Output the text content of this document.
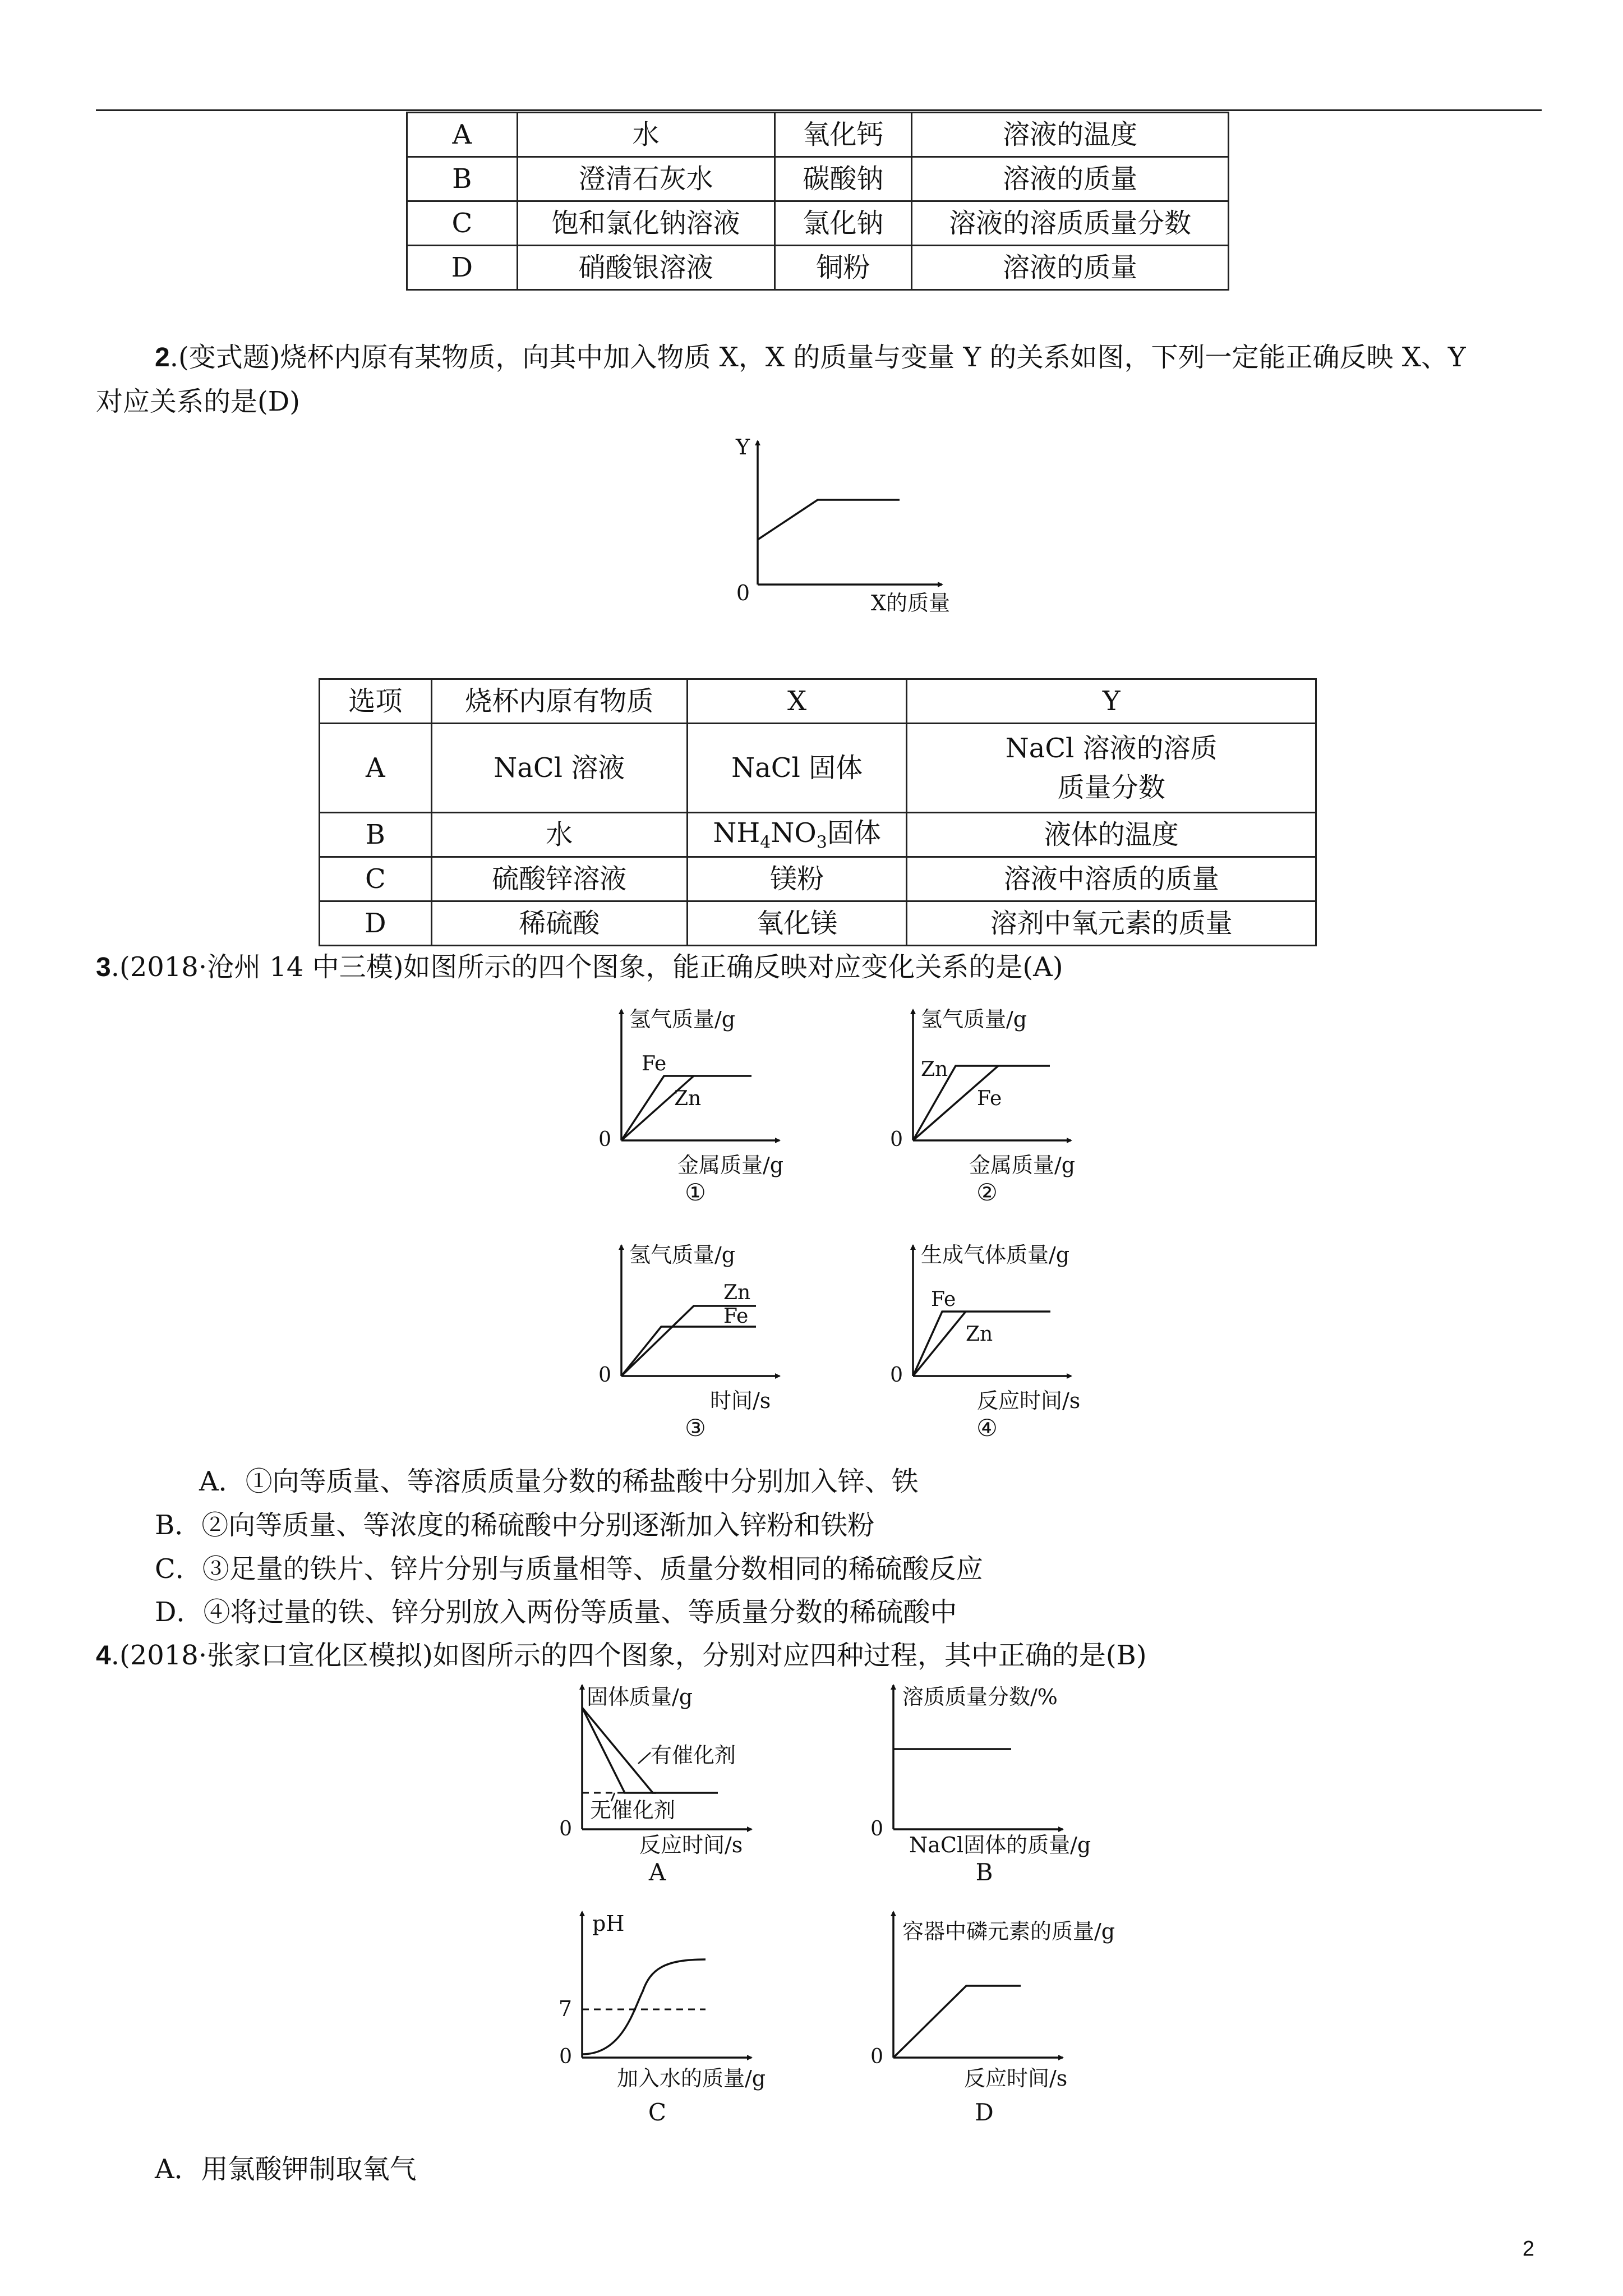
A	水	氧化钙	溶液的温度
B	澄清石灰水	碳酸钠	溶液的质量
C	饱和氯化钠溶液	氯化钠	溶液的溶质质量分数
D	硝酸银溶液	铜粉	溶液的质量
2.(变式题)烧杯内原有某物质，向其中加入物质 X，X 的质量与变量 Y 的关系如图，下列一定能正确反映 X、Y
对应关系的是(D)
Y
0	X的质量
选项	烧杯内原有物质	X	Y
A	NaCl 溶液	NaCl 固体	NaCl 溶液的溶质
质量分数

B	水	$NH_4NO_3$固体	液体的温度
C	硫酸锌溶液	镁粉	溶液中溶质的质量
D	稀硫酸	氧化镁	溶剂中氧元素的质量
3.(2018·沧州 14 中三模)如图所示的四个图象，能正确反映对应变化关系的是(A)
氢气质量/g
Fe
Zn
0
金属质量/g
①
氢气质量/g
Zn
Fe
0
金属质量/g
②
氢气质量/g
Zn
Fe
0
时间/s
③
生成气体质量/g
Fe
Zn
0
反应时间/s
④
A．①向等质量、等溶质质量分数的稀盐酸中分别加入锌、铁
B．②向等质量、等浓度的稀硫酸中分别逐渐加入锌粉和铁粉
C．③足量的铁片、锌片分别与质量相等、质量分数相同的稀硫酸反应
D．④将过量的铁、锌分别放入两份等质量、等质量分数的稀硫酸中
4.(2018·张家口宣化区模拟)如图所示的四个图象，分别对应四种过程，其中正确的是(B)
固体质量/g
有催化剂
无催化剂
0
反应时间/s
A
溶质质量分数/%
0
NaCl固体的质量/g
B
pH
7
0
加入水的质量/g
C
容器中磷元素的质量/g
0
反应时间/s
D
A．用氯酸钾制取氧气
2
